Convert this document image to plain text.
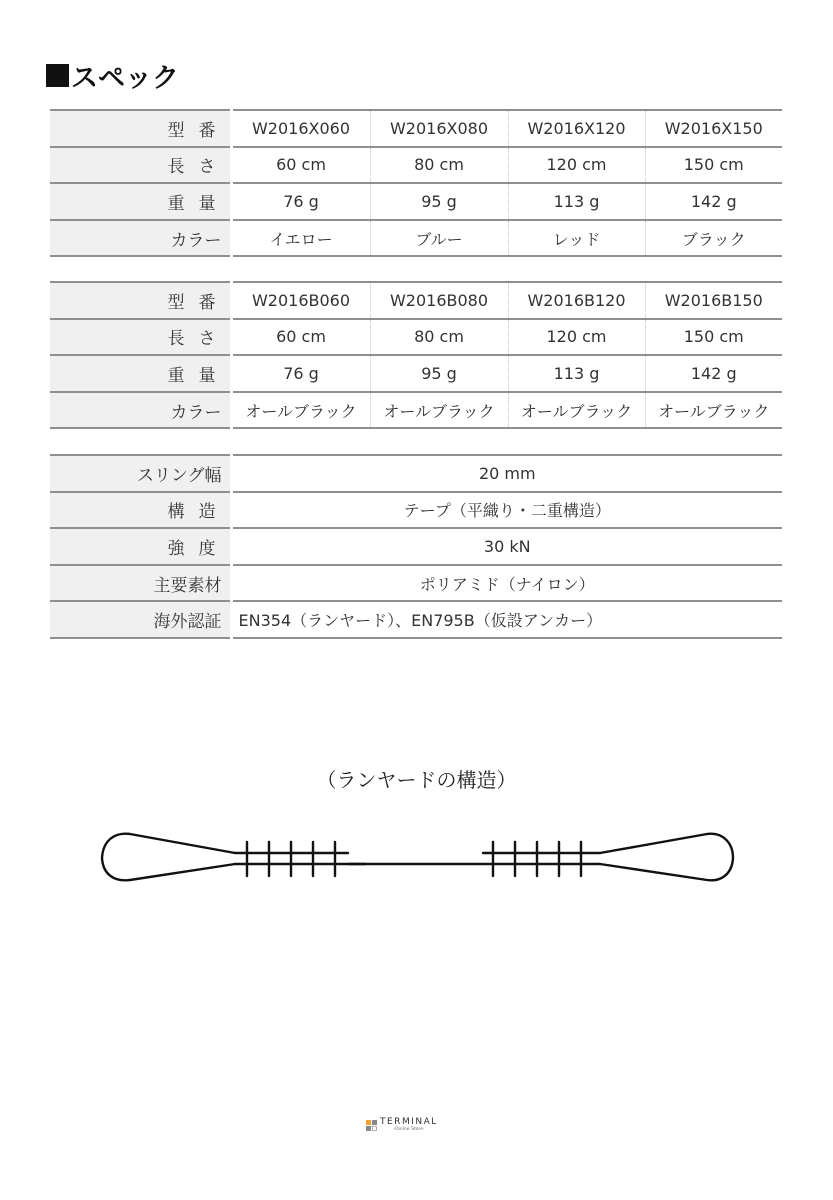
スペック
型番	W2016X060	W2016X080	W2016X120	W2016X150
長さ	60 cm	80 cm	120 cm	150 cm
重量	76 g	95 g	113 g	142 g
カラー	イエロー	ブルー	レッド	ブラック
型番	W2016B060	W2016B080	W2016B120	W2016B150
長さ	60 cm	80 cm	120 cm	150 cm
重量	76 g	95 g	113 g	142 g
カラー	オールブラック	オールブラック	オールブラック	オールブラック
スリング幅	20 mm
構造	テープ（平織り・二重構造）
強度	30 kN
主要素材	ポリアミド（ナイロン）
海外認証	EN354（ランヤード）、EN795B（仮設アンカー）
（ランヤードの構造）
TERMINAL
-Online Store-
